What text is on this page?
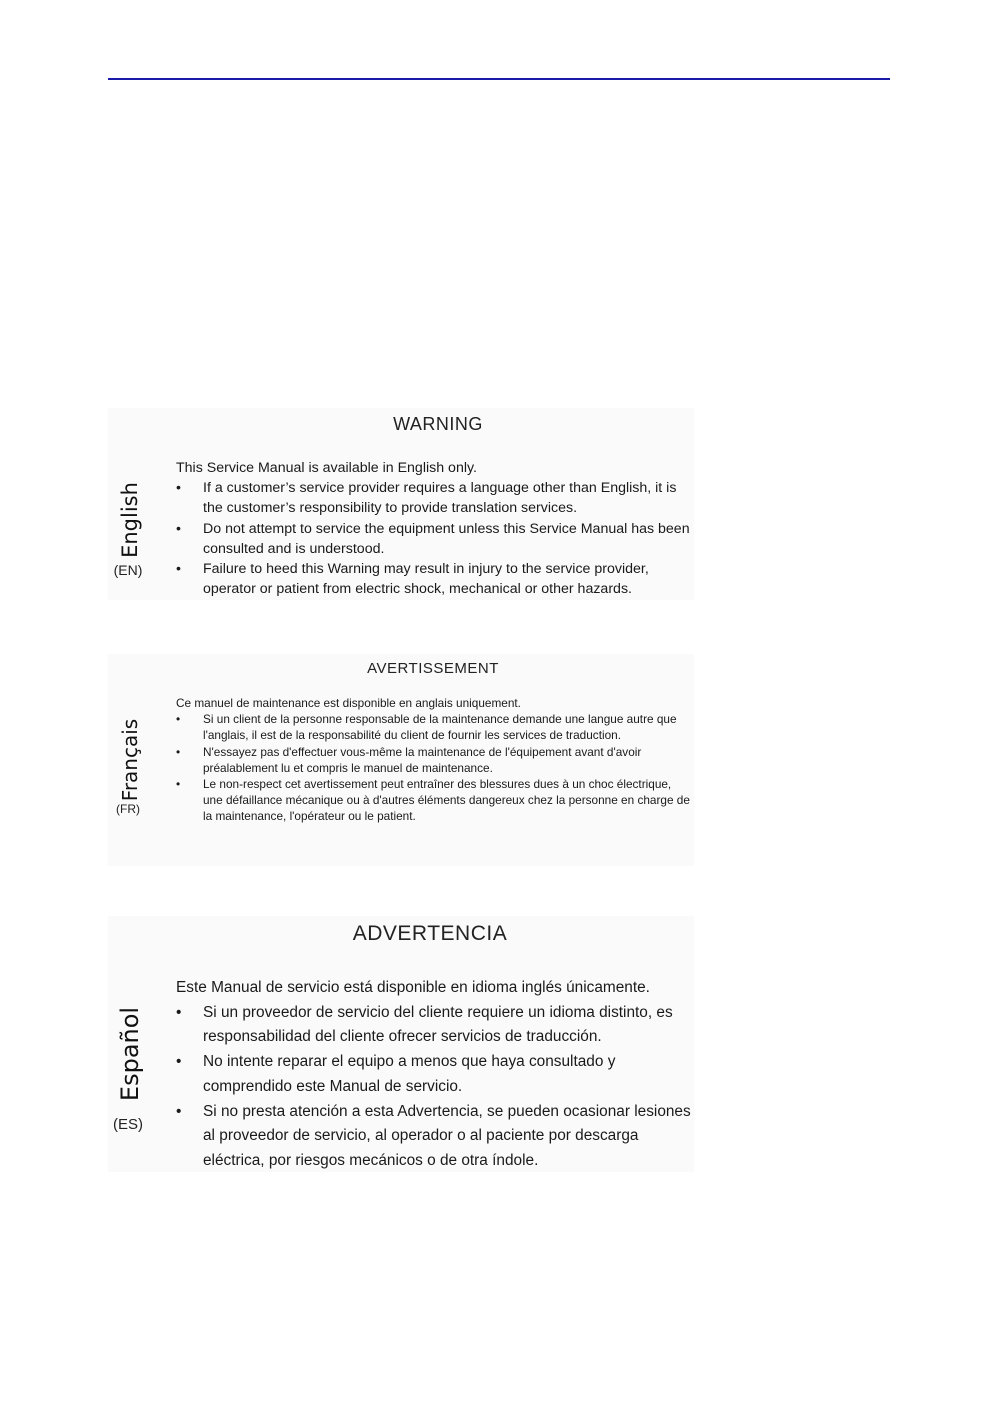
English
(EN)
WARNING

This Service Manual is available in English only.

• If a customer’s service provider requires a language other than English, it is the customer’s responsibility to provide translation services.
• Do not attempt to service the equipment unless this Service Manual has been consulted and is understood.
• Failure to heed this Warning may result in injury to the service provider, operator or patient from electric shock, mechanical or other hazards.
Français
(FR)
AVERTISSEMENT

Ce manuel de maintenance est disponible en anglais uniquement.

• Si un client de la personne responsable de la maintenance demande une langue autre que l'anglais, il est de la responsabilité du client de fournir les services de traduction.
• N'essayez pas d'effectuer vous-même la maintenance de l'équipement avant d'avoir préalablement lu et compris le manuel de maintenance.
• Le non-respect cet avertissement peut entraîner des blessures dues à un choc électrique, une défaillance mécanique ou à d'autres éléments dangereux chez la personne en charge de la maintenance, l'opérateur ou le patient.
Español
(ES)
ADVERTENCIA

Este Manual de servicio está disponible en idioma inglés únicamente.

• Si un proveedor de servicio del cliente requiere un idioma distinto, es responsabilidad del cliente ofrecer servicios de traducción.
• No intente reparar el equipo a menos que haya consultado y comprendido este Manual de servicio.
• Si no presta atención a esta Advertencia, se pueden ocasionar lesiones al proveedor de servicio, al operador o al paciente por descarga eléctrica, por riesgos mecánicos o de otra índole.
